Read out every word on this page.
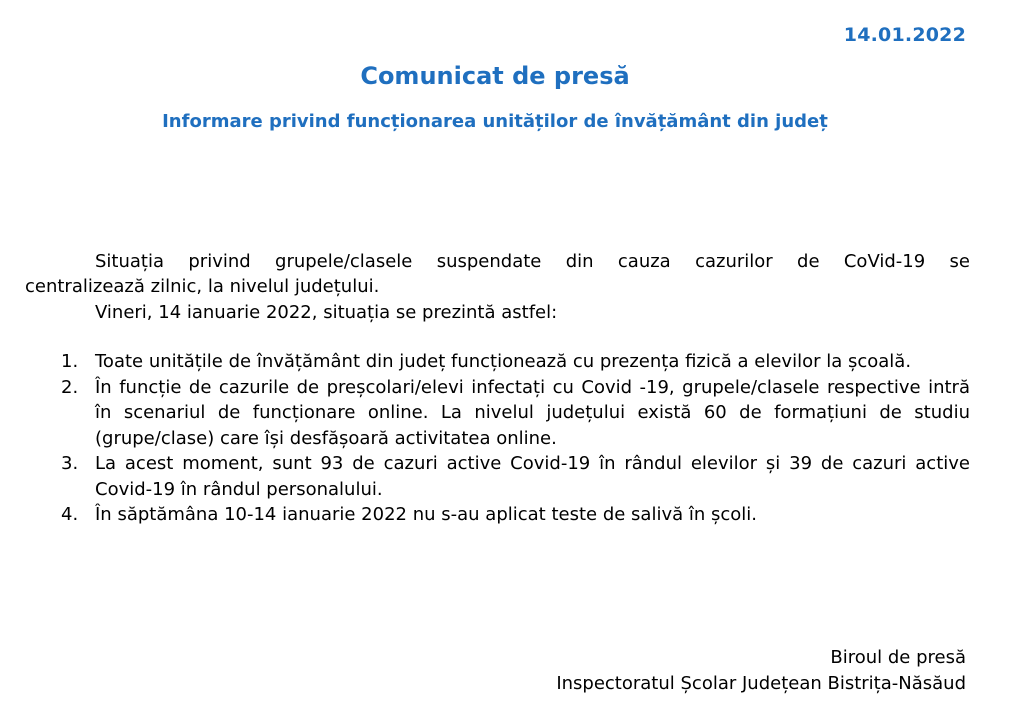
14.01.2022
Comunicat de presă
Informare privind funcționarea unităților de învățământ din județ
Situația privind grupele/clasele suspendate din cauza cazurilor de CoVid-19 se
centralizează zilnic, la nivelul județului.
Vineri, 14 ianuarie 2022, situația se prezintă astfel:
1. Toate unitățile de învățământ din județ funcționează cu prezența fizică a elevilor la școală.
2. În funcție de cazurile de preșcolari/elevi infectați cu Covid -19, grupele/clasele respective intră în scenariul de funcționare online. La nivelul județului există 60 de formațiuni de studiu (grupe/clase) care își desfășoară activitatea online.
3. La acest moment, sunt 93 de cazuri active Covid-19 în rândul elevilor și 39 de cazuri active Covid-19 în rândul personalului.
4. În săptămâna 10-14 ianuarie 2022 nu s-au aplicat teste de salivă în școli.
Biroul de presă
Inspectoratul Școlar Județean Bistrița-Năsăud
